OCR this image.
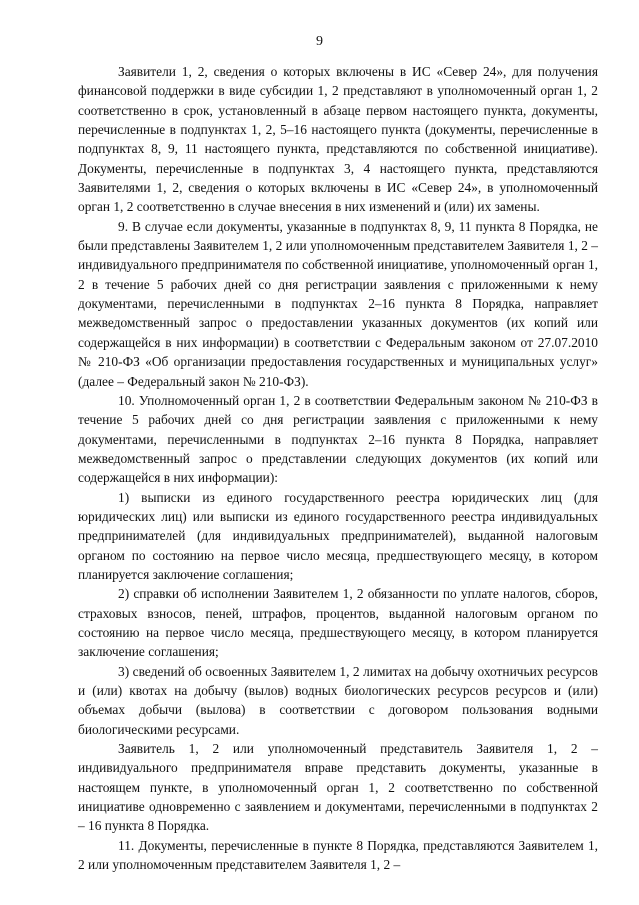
9

Заявители 1, 2, сведения о которых включены в ИС «Север 24», для получения финансовой поддержки в виде субсидии 1, 2 представляют в уполномоченный орган 1, 2 соответственно в срок, установленный в абзаце первом настоящего пункта, документы, перечисленные в подпунктах 1, 2, 5–16 настоящего пункта (документы, перечисленные в подпунктах 8, 9, 11 настоящего пункта, представляются по собственной инициативе). Документы, перечисленные в подпунктах 3, 4 настоящего пункта, представляются Заявителями 1, 2, сведения о которых включены в ИС «Север 24», в уполномоченный орган 1, 2 соответственно в случае внесения в них изменений и (или) их замены.

9. В случае если документы, указанные в подпунктах 8, 9, 11 пункта 8 Порядка, не были представлены Заявителем 1, 2 или уполномоченным представителем Заявителя 1, 2 – индивидуального предпринимателя по собственной инициативе, уполномоченный орган 1, 2 в течение 5 рабочих дней со дня регистрации заявления с приложенными к нему документами, перечисленными в подпунктах 2–16 пункта 8 Порядка, направляет межведомственный запрос о предоставлении указанных документов (их копий или содержащейся в них информации) в соответствии с Федеральным законом от 27.07.2010 № 210-ФЗ «Об организации предоставления государственных и муниципальных услуг» (далее – Федеральный закон № 210-ФЗ).

10. Уполномоченный орган 1, 2 в соответствии Федеральным законом № 210-ФЗ в течение 5 рабочих дней со дня регистрации заявления с приложенными к нему документами, перечисленными в подпунктах 2–16 пункта 8 Порядка, направляет межведомственный запрос о представлении следующих документов (их копий или содержащейся в них информации):

1) выписки из единого государственного реестра юридических лиц (для юридических лиц) или выписки из единого государственного реестра индивидуальных предпринимателей (для индивидуальных предпринимателей), выданной налоговым органом по состоянию на первое число месяца, предшествующего месяцу, в котором планируется заключение соглашения;

2) справки об исполнении Заявителем 1, 2 обязанности по уплате налогов, сборов, страховых взносов, пеней, штрафов, процентов, выданной налоговым органом по состоянию на первое число месяца, предшествующего месяцу, в котором планируется заключение соглашения;

3) сведений об освоенных Заявителем 1, 2 лимитах на добычу охотничьих ресурсов и (или) квотах на добычу (вылов) водных биологических ресурсов ресурсов и (или) объемах добычи (вылова) в соответствии с договором пользования водными биологическими ресурсами.

Заявитель 1, 2 или уполномоченный представитель Заявителя 1, 2 – индивидуального предпринимателя вправе представить документы, указанные в настоящем пункте, в уполномоченный орган 1, 2 соответственно по собственной инициативе одновременно с заявлением и документами, перечисленными в подпунктах 2 – 16 пункта 8 Порядка.

11. Документы, перечисленные в пункте 8 Порядка, представляются Заявителем 1, 2 или уполномоченным представителем Заявителя 1, 2 –
